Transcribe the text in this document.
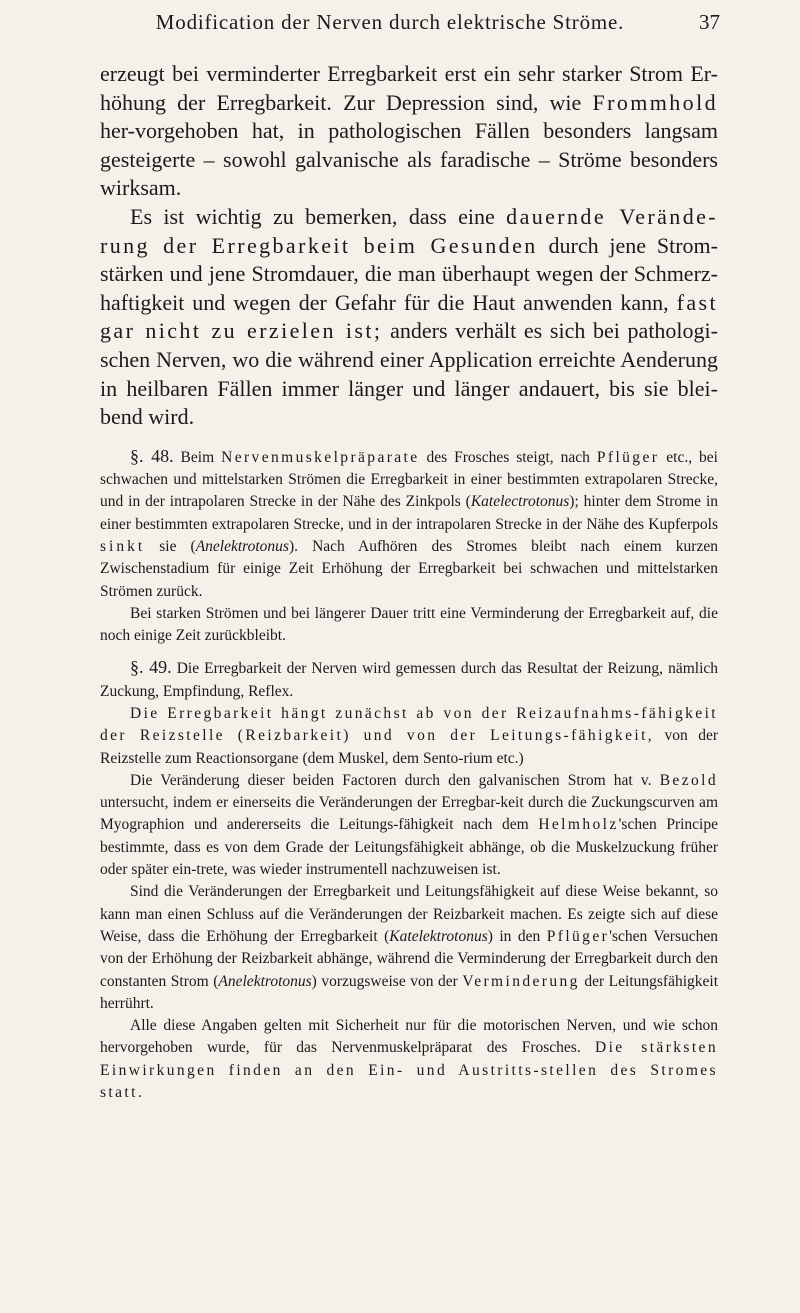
Modification der Nerven durch elektrische Ströme.	37

erzeugt bei verminderter Erregbarkeit erst ein sehr starker Strom Er-höhung der Erregbarkeit. Zur Depression sind, wie Frommhold her-vorgehoben hat, in pathologischen Fällen besonders langsam gesteigerte – sowohl galvanische als faradische – Ströme besonders wirksam.

Es ist wichtig zu bemerken, dass eine dauernde Verände-rung der Erregbarkeit beim Gesunden durch jene Strom-stärken und jene Stromdauer, die man überhaupt wegen der Schmerz-haftigkeit und wegen der Gefahr für die Haut anwenden kann, fast gar nicht zu erzielen ist; anders verhält es sich bei pathologi-schen Nerven, wo die während einer Application erreichte Aenderung in heilbaren Fällen immer länger und länger andauert, bis sie blei-bend wird.

§. 48. Beim Nervenmuskelpräparate des Frosches steigt, nach Pflüger etc., bei schwachen und mittelstarken Strömen die Erregbarkeit in einer bestimmten extrapolaren Strecke, und in der intrapolaren Strecke in der Nähe des Zinkpols (Katelectrotonus); hinter dem Strome in einer bestimmten extrapolaren Strecke, und in der intrapolaren Strecke in der Nähe des Kupferpols sinkt sie (Anelektrotonus). Nach Aufhören des Stromes bleibt nach einem kurzen Zwischenstadium für einige Zeit Erhöhung der Erregbarkeit bei schwachen und mittelstarken Strömen zurück.

Bei starken Strömen und bei längerer Dauer tritt eine Verminderung der Erregbarkeit auf, die noch einige Zeit zurückbleibt.

§. 49. Die Erregbarkeit der Nerven wird gemessen durch das Resultat der Reizung, nämlich Zuckung, Empfindung, Reflex.

Die Erregbarkeit hängt zunächst ab von der Reizaufnahms-fähigkeit der Reizstelle (Reizbarkeit) und von der Leitungs-fähigkeit, von der Reizstelle zum Reactionsorgane (dem Muskel, dem Sento-rium etc.)

Die Veränderung dieser beiden Factoren durch den galvanischen Strom hat v. Bezold untersucht, indem er einerseits die Veränderungen der Erregbar-keit durch die Zuckungscurven am Myographion und andererseits die Leitungs-fähigkeit nach dem Helmholz'schen Principe bestimmte, dass es von dem Grade der Leitungsfähigkeit abhänge, ob die Muskelzuckung früher oder später ein-trete, was wieder instrumentell nachzuweisen ist.

Sind die Veränderungen der Erregbarkeit und Leitungsfähigkeit auf diese Weise bekannt, so kann man einen Schluss auf die Veränderungen der Reizbarkeit machen. Es zeigte sich auf diese Weise, dass die Erhöhung der Erregbarkeit (Katelektrotonus) in den Pflüger'schen Versuchen von der Erhöhung der Reizbarkeit abhänge, während die Verminderung der Erregbarkeit durch den constanten Strom (Anelektrotonus) vorzugsweise von der Verminderung der Leitungsfähigkeit herrührt.

Alle diese Angaben gelten mit Sicherheit nur für die motorischen Nerven, und wie schon hervorgehoben wurde, für das Nervenmuskelpräparat des Frosches. Die stärksten Einwirkungen finden an den Ein- und Austritts-stellen des Stromes statt.
